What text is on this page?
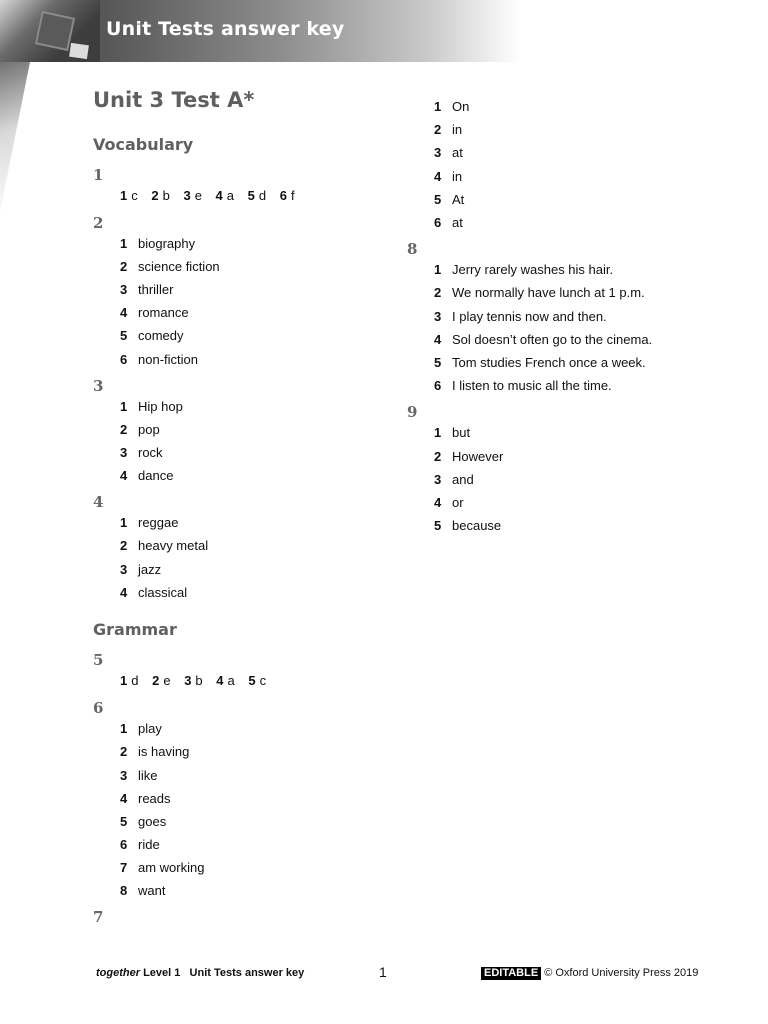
Unit Tests answer key
Unit 3 Test A*
Vocabulary
1
1 c 2 b 3 e 4 a 5 d 6 f
2
1 biography
2 science fiction
3 thriller
4 romance
5 comedy
6 non-fiction
3
1 Hip hop
2 pop
3 rock
4 dance
4
1 reggae
2 heavy metal
3 jazz
4 classical
Grammar
5
1 d 2 e 3 b 4 a 5 c
6
1 play
2 is having
3 like
4 reads
5 goes
6 ride
7 am working
8 want
7
1 On
2 in
3 at
4 in
5 At
6 at
8
1 Jerry rarely washes his hair.
2 We normally have lunch at 1 p.m.
3 I play tennis now and then.
4 Sol doesn’t often go to the cinema.
5 Tom studies French once a week.
6 I listen to music all the time.
9
1 but
2 However
3 and
4 or
5 because
together Level 1 Unit Tests answer key	1	EDITABLE © Oxford University Press 2019
